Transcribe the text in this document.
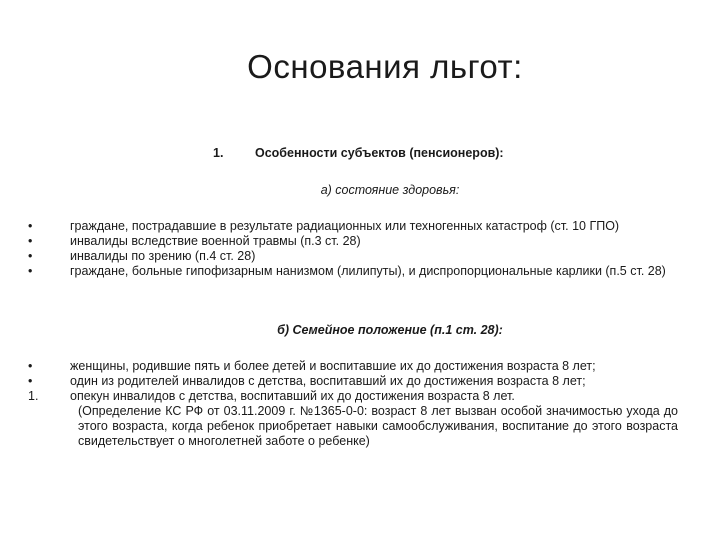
Основания льгот:
1.	Особенности субъектов (пенсионеров):
а) состояние здоровья:
•	граждане, пострадавшие в результате радиационных или техногенных катастроф (ст. 10 ГПО)
•	инвалиды вследствие военной травмы (п.3 ст. 28)
•	инвалиды по зрению (п.4 ст. 28)
•	граждане, больные гипофизарным нанизмом (лилипуты), и диспропорциональные карлики (п.5 ст. 28)
б) Семейное положение (п.1 ст. 28):
•	женщины, родившие пять и более детей и воспитавшие их до достижения возраста 8 лет;
•	один из родителей инвалидов с детства, воспитавший их до достижения возраста 8 лет;
1.	опекун инвалидов с детства, воспитавший их до достижения возраста 8 лет.
(Определение КС РФ от 03.11.2009 г. №1365-0-0: возраст 8 лет вызван особой значимостью ухода до этого возраста, когда ребенок приобретает навыки самообслуживания, воспитание до этого возраста свидетельствует о многолетней заботе о ребенке)
